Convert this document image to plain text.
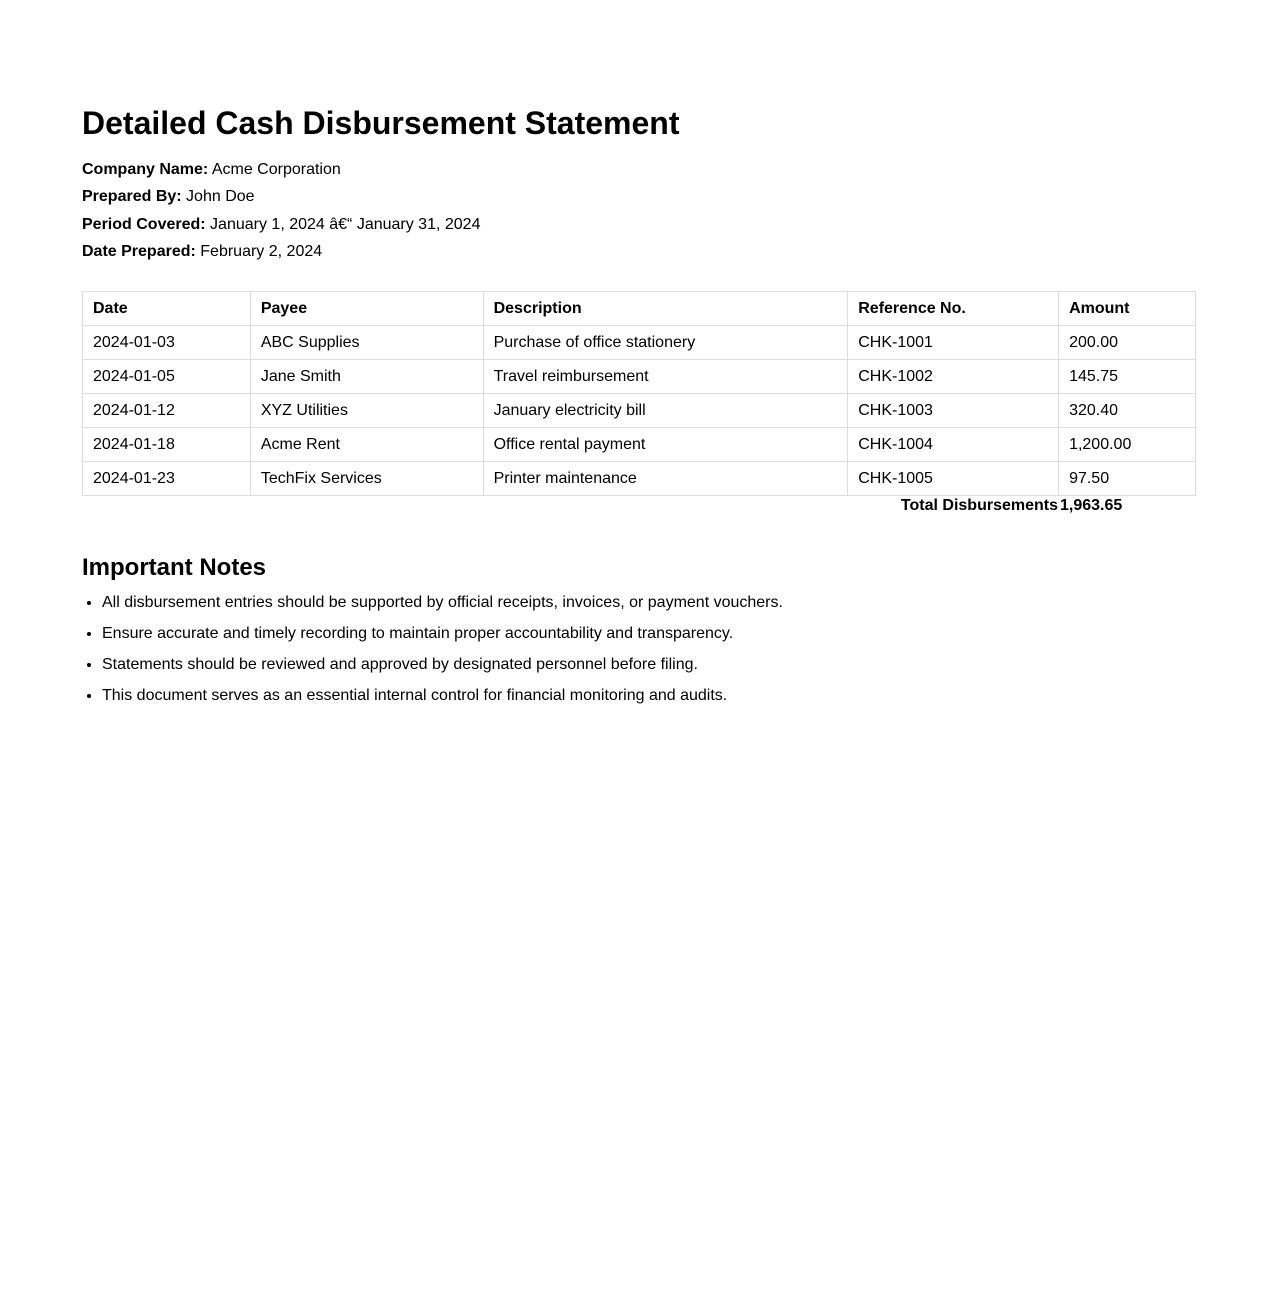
Detailed Cash Disbursement Statement

Company Name: Acme Corporation

Prepared By: John Doe

Period Covered: January 1, 2024 â€“ January 31, 2024

Date Prepared: February 2, 2024

Date	Payee	Description	Reference No.	Amount
2024-01-03	ABC Supplies	Purchase of office stationery	CHK-1001	200.00
2024-01-05	Jane Smith	Travel reimbursement	CHK-1002	145.75
2024-01-12	XYZ Utilities	January electricity bill	CHK-1003	320.40
2024-01-18	Acme Rent	Office rental payment	CHK-1004	1,200.00
2024-01-23	TechFix Services	Printer maintenance	CHK-1005	97.50
Total Disbursements 1,963.65
Important Notes
• All disbursement entries should be supported by official receipts, invoices, or payment vouchers.
• Ensure accurate and timely recording to maintain proper accountability and transparency.
• Statements should be reviewed and approved by designated personnel before filing.
• This document serves as an essential internal control for financial monitoring and audits.
